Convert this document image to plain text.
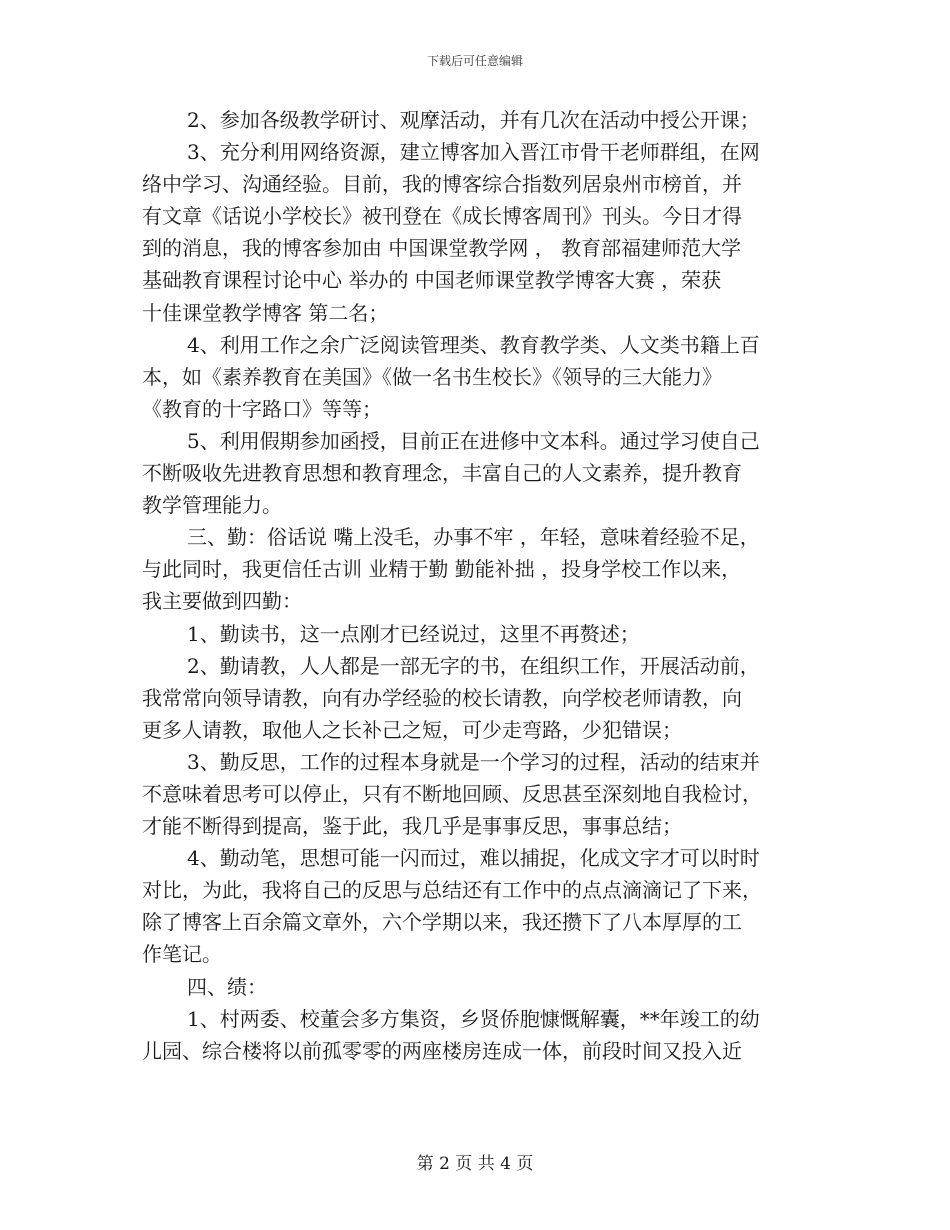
下载后可任意编辑
2、参加各级教学研讨、观摩活动，并有几次在活动中授公开课；
3、充分利用网络资源，建立博客加入晋江市骨干老师群组，在网
络中学习、沟通经验。目前，我的博客综合指数列居泉州市榜首，并
有文章《话说小学校长》被刊登在《成长博客周刊》刊头。今日才得
到的消息，我的博客参加由 中国课堂教学网 ， 教育部福建师范大学
基础教育课程讨论中心 举办的 中国老师课堂教学博客大赛 ，荣获
十佳课堂教学博客 第二名；
4、利用工作之余广泛阅读管理类、教育教学类、人文类书籍上百
本，如《素养教育在美国》《做一名书生校长》《领导的三大能力》
《教育的十字路口》等等；
5、利用假期参加函授，目前正在进修中文本科。通过学习使自己
不断吸收先进教育思想和教育理念，丰富自己的人文素养，提升教育
教学管理能力。
三、勤：俗话说 嘴上没毛，办事不牢 ，年轻，意味着经验不足，
与此同时，我更信任古训 业精于勤 勤能补拙 ，投身学校工作以来，
我主要做到四勤：
1、勤读书，这一点刚才已经说过，这里不再赘述；
2、勤请教，人人都是一部无字的书，在组织工作，开展活动前，
我常常向领导请教，向有办学经验的校长请教，向学校老师请教，向
更多人请教，取他人之长补己之短，可少走弯路，少犯错误；
3、勤反思，工作的过程本身就是一个学习的过程，活动的结束并
不意味着思考可以停止，只有不断地回顾、反思甚至深刻地自我检讨，
才能不断得到提高，鉴于此，我几乎是事事反思，事事总结；
4、勤动笔，思想可能一闪而过，难以捕捉，化成文字才可以时时
对比，为此，我将自己的反思与总结还有工作中的点点滴滴记了下来，
除了博客上百余篇文章外，六个学期以来，我还攒下了八本厚厚的工
作笔记。
四、绩：
1、村两委、校董会多方集资，乡贤侨胞慷慨解囊，**年竣工的幼
儿园、综合楼将以前孤零零的两座楼房连成一体，前段时间又投入近
第 2 页 共 4 页
